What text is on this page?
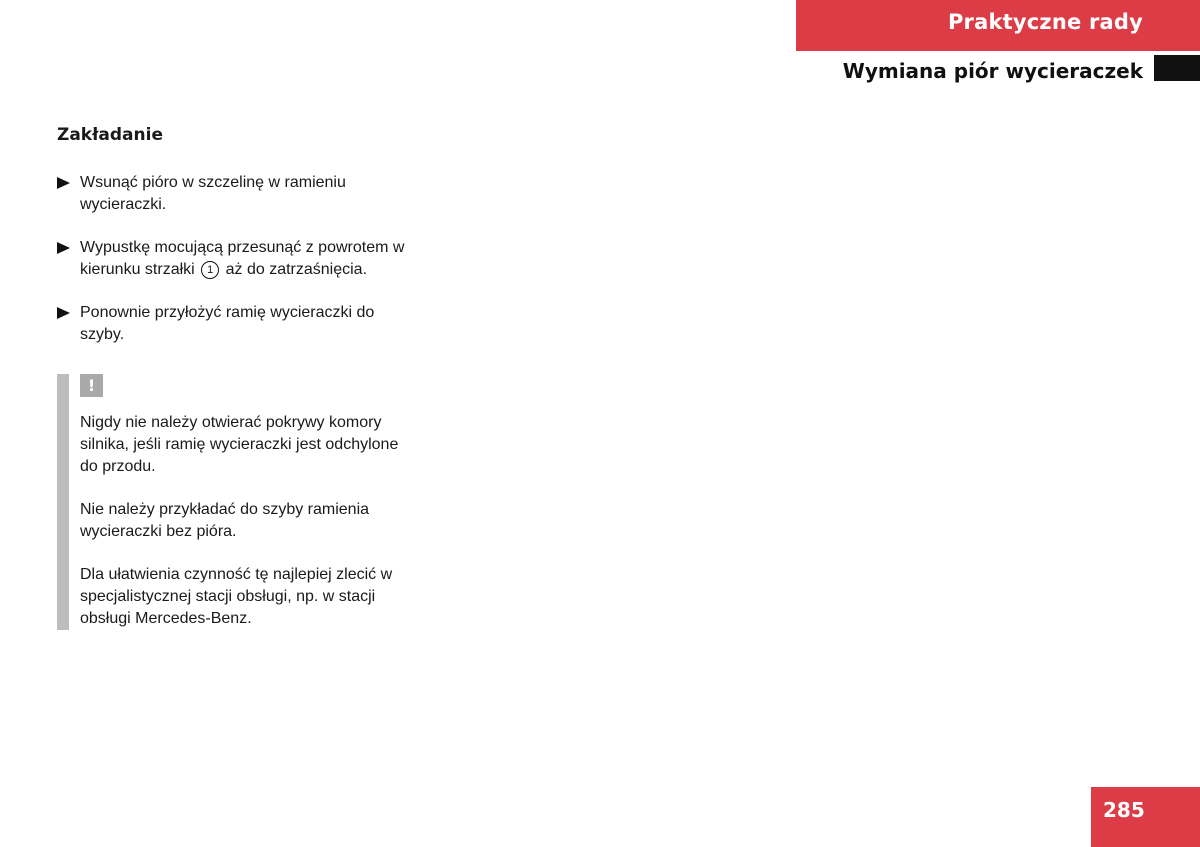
Praktyczne rady
Wymiana piór wycieraczek
Zakładanie
Wsunąć pióro w szczelinę w ramieniu wycieraczki.
Wypustkę mocującą przesunąć z powrotem w kierunku strzałki 1 aż do zatrzaśnięcia.
Ponownie przyłożyć ramię wycieraczki do szyby.
!

Nigdy nie należy otwierać pokrywy komory silnika, jeśli ramię wycieraczki jest odchylone do przodu.

Nie należy przykładać do szyby ramienia wycieraczki bez pióra.

Dla ułatwienia czynność tę najlepiej zlecić w specjalistycznej stacji obsługi, np. w stacji obsługi Mercedes-Benz.

285
